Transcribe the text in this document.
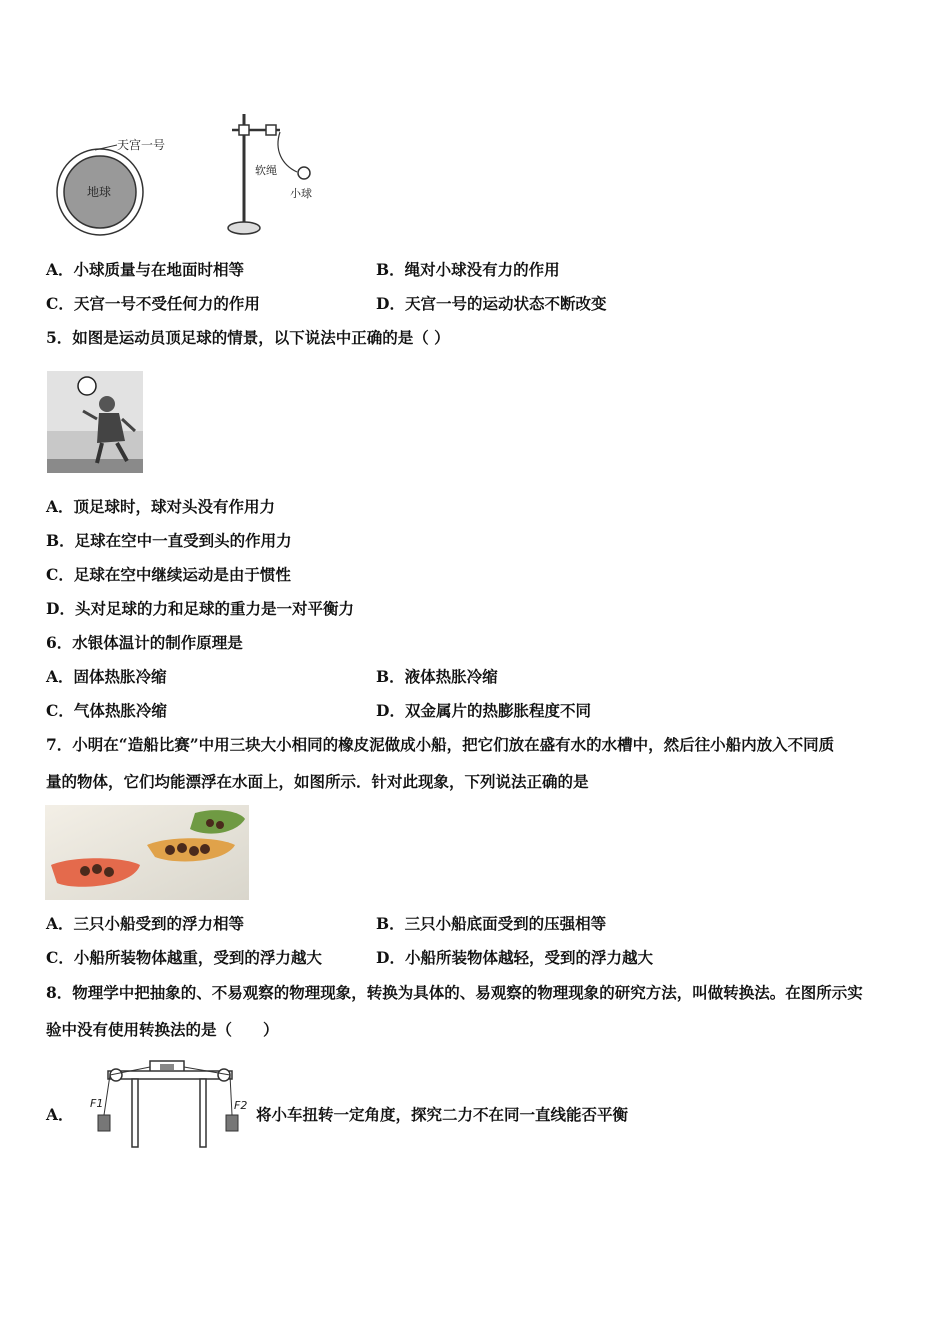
地球
天宫一号
软绳
小球
A．小球质量与在地面时相等	B．绳对小球没有力的作用
C．天宫一号不受任何力的作用	D．天宫一号的运动状态不断改变
5．如图是运动员顶足球的情景，以下说法中正确的是（ ）
A．顶足球时，球对头没有作用力
B．足球在空中一直受到头的作用力
C．足球在空中继续运动是由于惯性
D．头对足球的力和足球的重力是一对平衡力
6．水银体温计的制作原理是
A．固体热胀冷缩	B．液体热胀冷缩
C．气体热胀冷缩	D．双金属片的热膨胀程度不同
7．小明在“造船比赛”中用三块大小相同的橡皮泥做成小船，把它们放在盛有水的水槽中，然后往小船内放入不同质
量的物体，它们均能漂浮在水面上，如图所示．针对此现象，下列说法正确的是
A．三只小船受到的浮力相等	B．三只小船底面受到的压强相等
C．小船所装物体越重，受到的浮力越大	D．小船所装物体越轻，受到的浮力越大
8．物理学中把抽象的、不易观察的物理现象，转换为具体的、易观察的物理现象的研究方法，叫做转换法。在图所示实
验中没有使用转换法的是（　　）
A．
F1	F2 将小车扭转一定角度，探究二力不在同一直线能否平衡
